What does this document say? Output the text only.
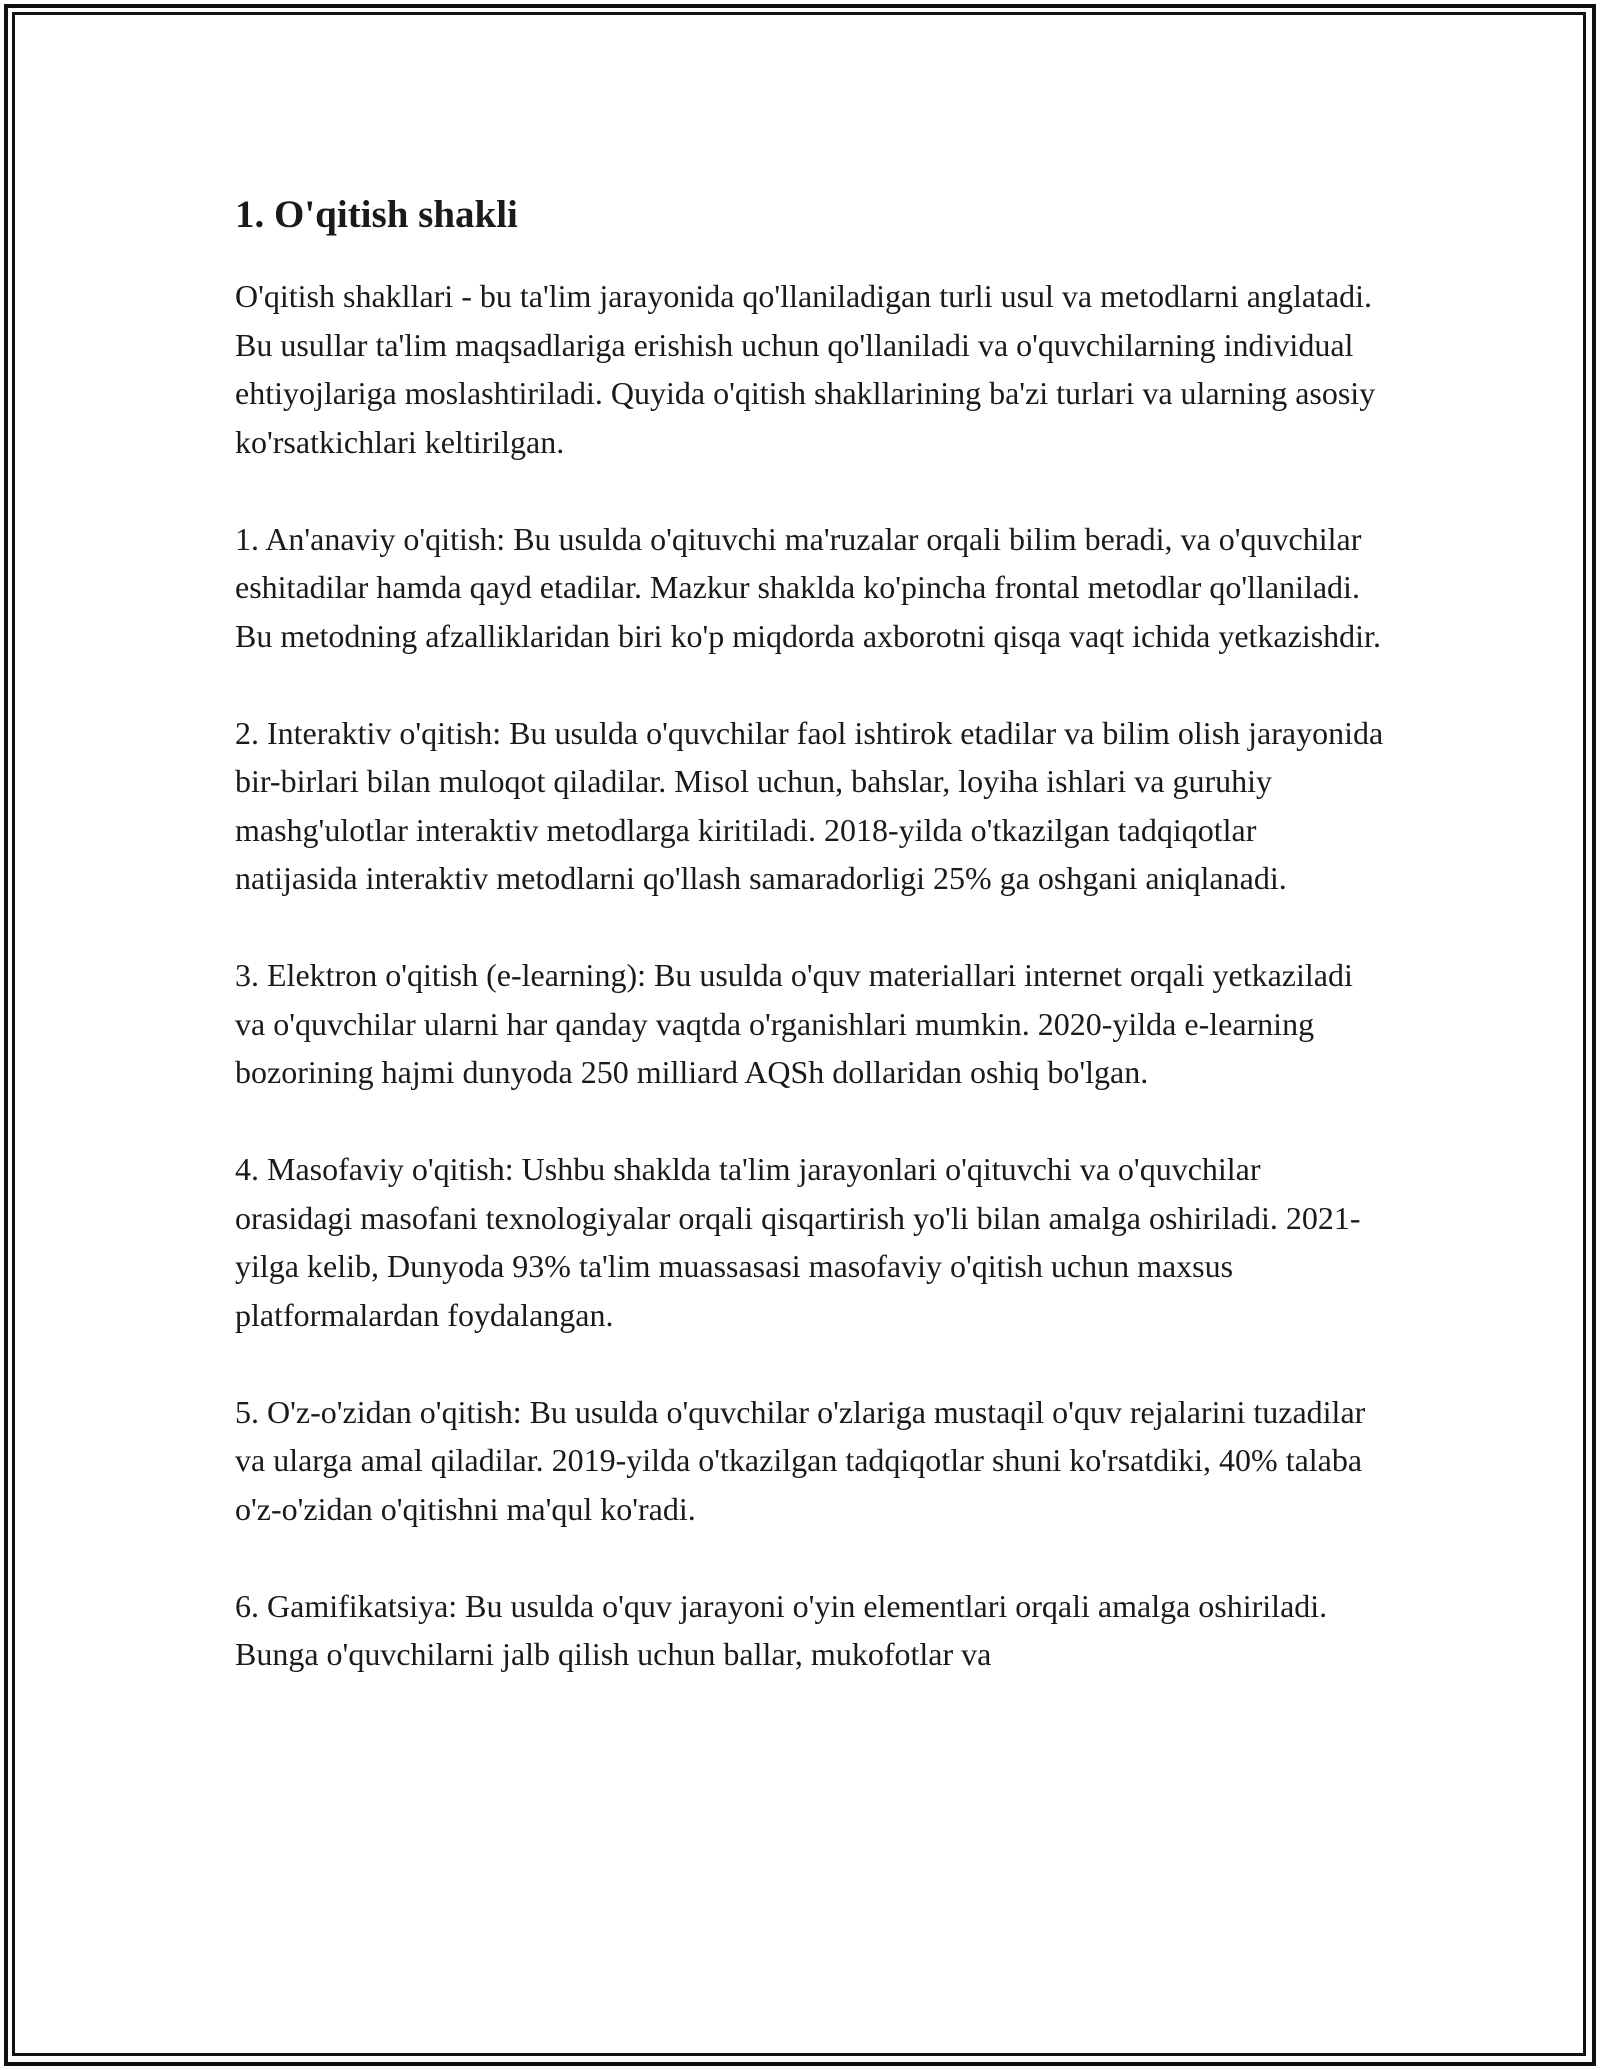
1. O'qitish shakli

O'qitish shakllari - bu ta'lim jarayonida qo'llaniladigan turli usul va metodlarni anglatadi. Bu usullar ta'lim maqsadlariga erishish uchun qo'llaniladi va o'quvchilarning individual ehtiyojlariga moslashtiriladi. Quyida o'qitish shakllarining ba'zi turlari va ularning asosiy ko'rsatkichlari keltirilgan.

1. An'anaviy o'qitish: Bu usulda o'qituvchi ma'ruzalar orqali bilim beradi, va o'quvchilar eshitadilar hamda qayd etadilar. Mazkur shaklda ko'pincha frontal metodlar qo'llaniladi. Bu metodning afzalliklaridan biri ko'p miqdorda axborotni qisqa vaqt ichida yetkazishdir.

2. Interaktiv o'qitish: Bu usulda o'quvchilar faol ishtirok etadilar va bilim olish jarayonida bir-birlari bilan muloqot qiladilar. Misol uchun, bahslar, loyiha ishlari va guruhiy mashg'ulotlar interaktiv metodlarga kiritiladi. 2018-yilda o'tkazilgan tadqiqotlar natijasida interaktiv metodlarni qo'llash samaradorligi 25% ga oshgani aniqlanadi.

3. Elektron o'qitish (e-learning): Bu usulda o'quv materiallari internet orqali yetkaziladi va o'quvchilar ularni har qanday vaqtda o'rganishlari mumkin. 2020-yilda e-learning bozorining hajmi dunyoda 250 milliard AQSh dollaridan oshiq bo'lgan.

4. Masofaviy o'qitish: Ushbu shaklda ta'lim jarayonlari o'qituvchi va o'quvchilar orasidagi masofani texnologiyalar orqali qisqartirish yo'li bilan amalga oshiriladi. 2021-yilga kelib, Dunyoda 93% ta'lim muassasasi masofaviy o'qitish uchun maxsus platformalardan foydalangan.

5. O'z-o'zidan o'qitish: Bu usulda o'quvchilar o'zlariga mustaqil o'quv rejalarini tuzadilar va ularga amal qiladilar. 2019-yilda o'tkazilgan tadqiqotlar shuni ko'rsatdiki, 40% talaba o'z-o'zidan o'qitishni ma'qul ko'radi.

6. Gamifikatsiya: Bu usulda o'quv jarayoni o'yin elementlari orqali amalga oshiriladi. Bunga o'quvchilarni jalb qilish uchun ballar, mukofotlar va
